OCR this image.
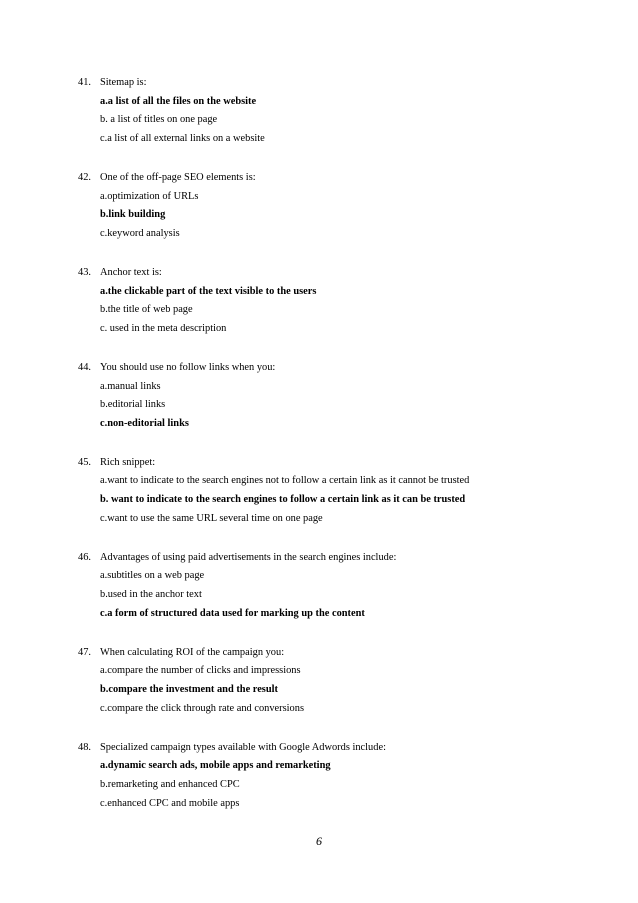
41. Sitemap is:
a.a list of all the files on the website
b. a list of titles on one page
c.a list of all external links on a website
42. One of the off-page SEO elements is:
a.optimization of URLs
b.link building
c.keyword analysis
43. Anchor text is:
a.the clickable part of the text visible to the users
b.the title of web page
c. used in the meta description
44. You should use no follow links when you:
a.manual links
b.editorial links
c.non-editorial links
45. Rich snippet:
a.want to indicate to the search engines not to follow a certain link as it cannot be trusted
b. want to indicate to the search engines to follow a certain link as it can be trusted
c.want to use the same URL several time on one page
46. Advantages of using paid advertisements in the search engines include:
a.subtitles on a web page
b.used in the anchor text
c.a form of structured data used for marking up the content
47. When calculating ROI of the campaign you:
a.compare the number of clicks and impressions
b.compare the investment and the result
c.compare the click through rate and conversions
48. Specialized campaign types available with Google Adwords include:
a.dynamic search ads, mobile apps and remarketing
b.remarketing and enhanced CPC
c.enhanced CPC and mobile apps
6
